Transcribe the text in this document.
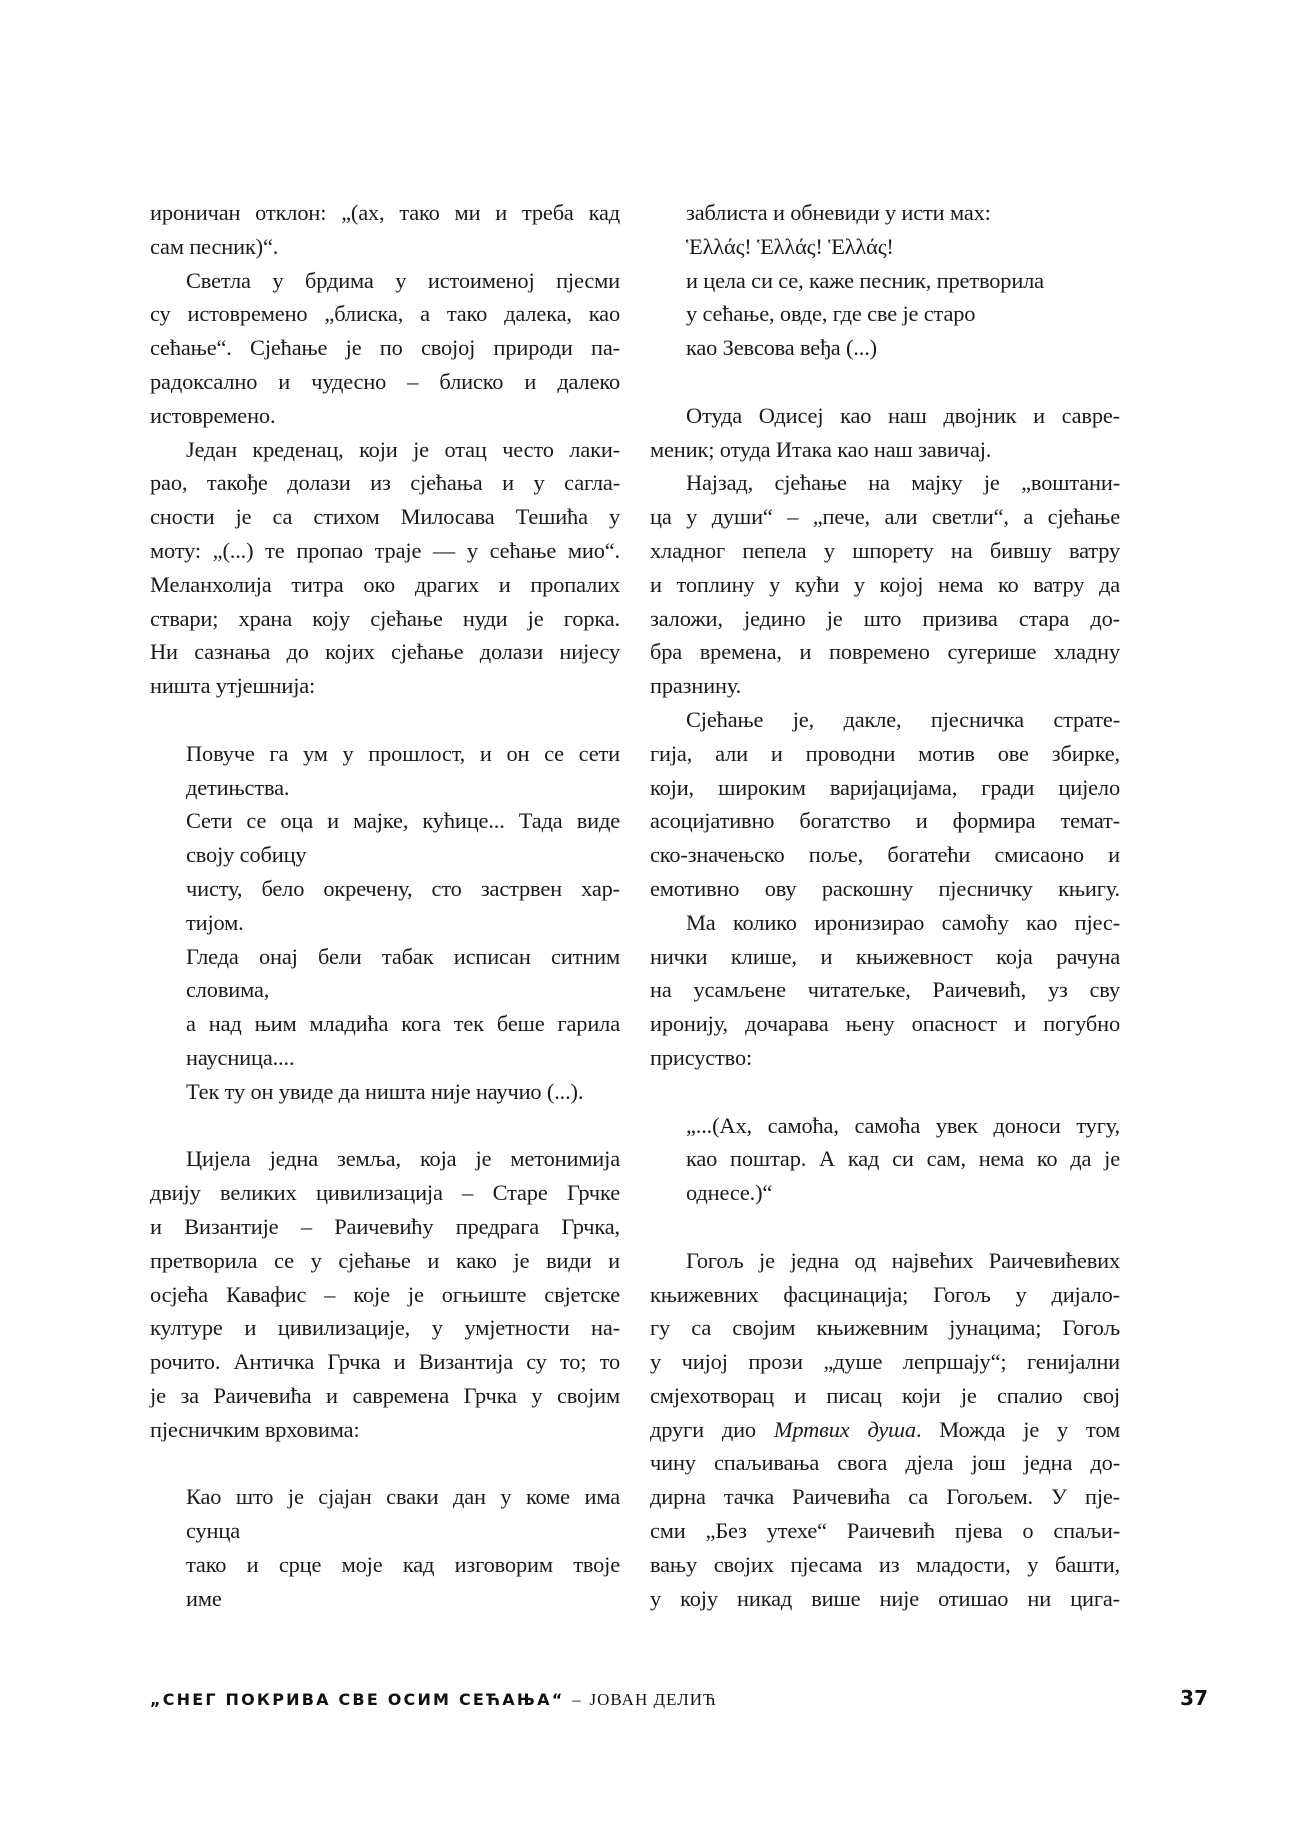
ироничан отклон: „(ах, тако ми и треба кад
сам песник)“.
Светла у брдима у истоименој пјесми
су истовремено „блиска, а тако далека, као
сећање“. Сјећање је по својој природи па-
радоксално и чудесно – блиско и далеко
истовремено.
Један креденац, који је отац често лаки-
рао, такође долази из сјећања и у сагла-
сности је са стихом Милосава Тешића у
моту: „(...) те пропао траје –– у сећање мио“.
Меланхолија титра око драгих и пропалих
ствари; храна коју сјећање нуди је горка.
Ни сазнања до којих сјећање долази нијесу
ништа утјешнија:
Повуче га ум у прошлост, и он се сети
детињства.
Сети се оца и мајке, кућице... Тада виде
своју собицу
чисту, бело окречену, сто застрвен хар-
тијом.
Гледа онај бели табак исписан ситним
словима,
а над њим младића кога тек беше гарила
наусница....
Тек ту он увиде да ништа није научио (...).
Цијела једна земља, која је метонимија
двију великих цивилизација – Старе Грчке
и Византије – Раичевићу предрага Грчка,
претворила се у сјећање и како је види и
осјећа Кавафис – које је огњиште свјетске
културе и цивилизације, у умјетности на-
рочито. Античка Грчка и Византија су то; то
је за Раичевића и савремена Грчка у својим
пјесничким врховима:
Као што је сјајан сваки дан у коме има
сунца
тако и срце моје кад изговорим твоје
име
заблиста и обневиди у исти мах:
Ἑλλάς! Ἑλλάς! Ἑλλάς!
и цела си се, каже песник, претворила
у сећање, овде, где све је старо
као Зевсова веђа (...)
Отуда Одисеј као наш двојник и савре-
меник; отуда Итака као наш завичај.
Најзад, сјећање на мајку је „воштани-
ца у души“ – „пече, али светли“, а сјећање
хладног пепела у шпорету на бившу ватру
и топлину у кући у којој нема ко ватру да
заложи, једино је што призива стара до-
бра времена, и повремено сугерише хладну
празнину.
Сјећање је, дакле, пјесничка страте-
гија, али и проводни мотив ове збирке,
који, широким варијацијама, гради цијело
асоцијативно богатство и формира темат-
ско-значењско поље, богатећи смисаоно и
емотивно ову раскошну пјесничку књигу.
Ма колико иронизирао самоћу као пјес-
нички клише, и књижевност која рачуна
на усамљене читатељке, Раичевић, уз сву
иронију, дочарава њену опасност и погубно
присуство:
„...(Ах, самоћа, самоћа увек доноси тугу,
као поштар. А кад си сам, нема ко да је
однесе.)“
Гогољ је једна од највећих Раичевићевих
књижевних фасцинација; Гогољ у дијало-
гу са својим књижевним јунацима; Гогољ
у чијој прози „душе лепршају“; генијални
смјехотворац и писац који је спалио свој
други дио Мртвих душа. Можда је у том
чину спаљивања свога дјела још једна до-
дирна тачка Раичевића са Гогољем. У пје-
сми „Без утехе“ Раичевић пјева о спаљи-
вању својих пјесама из младости, у башти,
у коју никад више није отишао ни цига-
„СНЕГ ПОКРИВА СВЕ ОСИМ СЕЋАЊА“ – ЈОВАН ДЕЛИЋ	37
